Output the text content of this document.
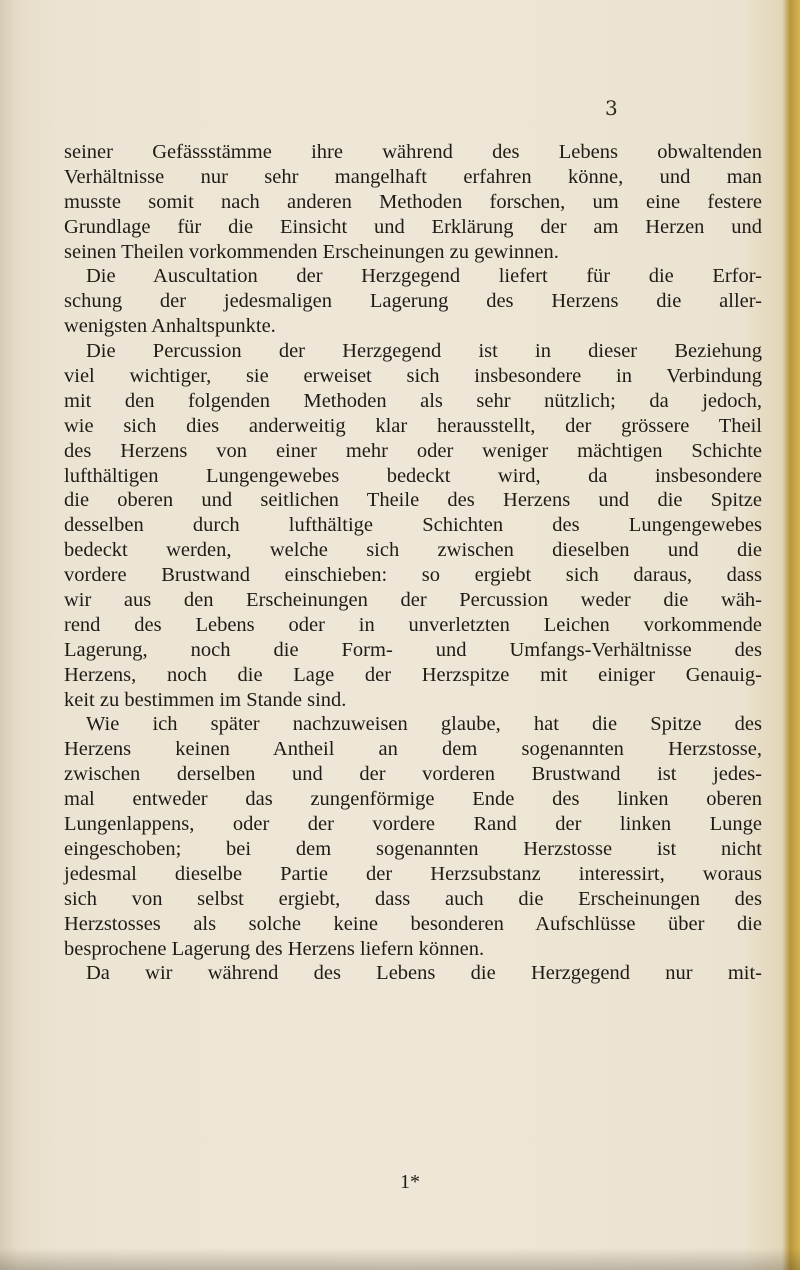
3

seiner Gefässstämme ihre während des Lebens obwaltenden
Verhältnisse nur sehr mangelhaft erfahren könne, und man
musste somit nach anderen Methoden forschen, um eine festere
Grundlage für die Einsicht und Erklärung der am Herzen und
seinen Theilen vorkommenden Erscheinungen zu gewinnen.
Die Auscultation der Herzgegend liefert für die Erfor-
schung der jedesmaligen Lagerung des Herzens die aller-
wenigsten Anhaltspunkte.
Die Percussion der Herzgegend ist in dieser Beziehung
viel wichtiger, sie erweiset sich insbesondere in Verbindung
mit den folgenden Methoden als sehr nützlich; da jedoch,
wie sich dies anderweitig klar herausstellt, der grössere Theil
des Herzens von einer mehr oder weniger mächtigen Schichte
lufthältigen Lungengewebes bedeckt wird, da insbesondere
die oberen und seitlichen Theile des Herzens und die Spitze
desselben durch lufthältige Schichten des Lungengewebes
bedeckt werden, welche sich zwischen dieselben und die
vordere Brustwand einschieben: so ergiebt sich daraus, dass
wir aus den Erscheinungen der Percussion weder die wäh-
rend des Lebens oder in unverletzten Leichen vorkommende
Lagerung, noch die Form- und Umfangs-Verhältnisse des
Herzens, noch die Lage der Herzspitze mit einiger Genauig-
keit zu bestimmen im Stande sind.
Wie ich später nachzuweisen glaube, hat die Spitze des
Herzens keinen Antheil an dem sogenannten Herzstosse,
zwischen derselben und der vorderen Brustwand ist jedes-
mal entweder das zungenförmige Ende des linken oberen
Lungenlappens, oder der vordere Rand der linken Lunge
eingeschoben; bei dem sogenannten Herzstosse ist nicht
jedesmal dieselbe Partie der Herzsubstanz interessirt, woraus
sich von selbst ergiebt, dass auch die Erscheinungen des
Herzstosses als solche keine besonderen Aufschlüsse über die
besprochene Lagerung des Herzens liefern können.
Da wir während des Lebens die Herzgegend nur mit-

1*
